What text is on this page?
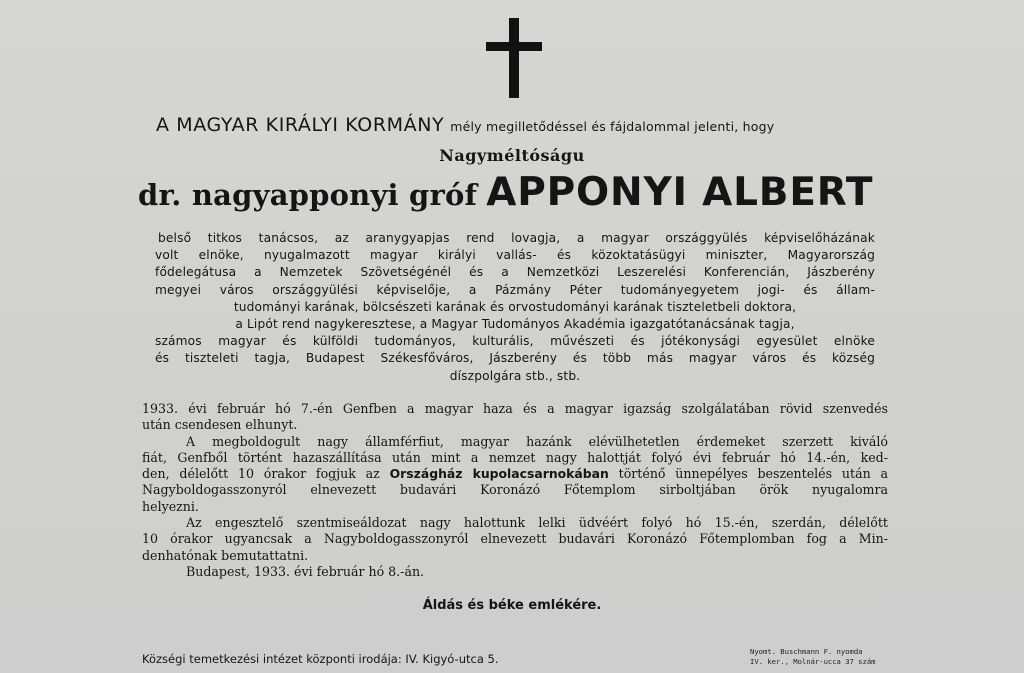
A MAGYAR KIRÁLYI KORMÁNY mély megilletődéssel és fájdalommal jelenti, hogy
Nagyméltóságu
dr. nagyapponyi gróf APPONYI ALBERT
belső titkos tanácsos, az aranygyapjas rend lovagja, a magyar országgyülés képviselőházának
volt elnöke, nyugalmazott magyar királyi vallás- és közoktatásügyi miniszter, Magyarország
fődelegátusa a Nemzetek Szövetségénél és a Nemzetközi Leszerelési Konferencián, Jászberény
megyei város országgyülési képviselője, a Pázmány Péter tudományegyetem jogi- és állam-
tudományi karának, bölcsészeti karának és orvostudományi karának tiszteletbeli doktora,
a Lipót rend nagykeresztese, a Magyar Tudományos Akadémia igazgatótanácsának tagja,
számos magyar és külföldi tudományos, kulturális, művészeti és jótékonysági egyesület elnöke
és tiszteleti tagja, Budapest Székesfőváros, Jászberény és több más magyar város és község
díszpolgára stb., stb.
1933. évi február hó 7.-én Genfben a magyar haza és a magyar igazság szolgálatában rövid szenvedés
után csendesen elhunyt.
A megboldogult nagy államférfiut, magyar hazánk elévülhetetlen érdemeket szerzett kiváló
fiát, Genfből történt hazaszállítása után mint a nemzet nagy halottját folyó évi február hó 14.-én, ked-
den, délelőtt 10 órakor fogjuk az Országház kupolacsarnokában történő ünnepélyes beszentelés után a
Nagyboldogasszonyról elnevezett budavári Koronázó Főtemplom sirboltjában örök nyugalomra
helyezni.
Az engesztelő szentmiseáldozat nagy halottunk lelki üdvéért folyó hó 15.-én, szerdán, délelőtt
10 órakor ugyancsak a Nagyboldogasszonyról elnevezett budavári Koronázó Főtemplomban fog a Min-
denhatónak bemutattatni.
Budapest, 1933. évi február hó 8.-án.
Áldás és béke emlékére.
Községi temetkezési intézet központi irodája: IV. Kigyó-utca 5.
Nyomt. Buschmann F. nyomda
IV. ker., Molnár-ucca 37 szám
